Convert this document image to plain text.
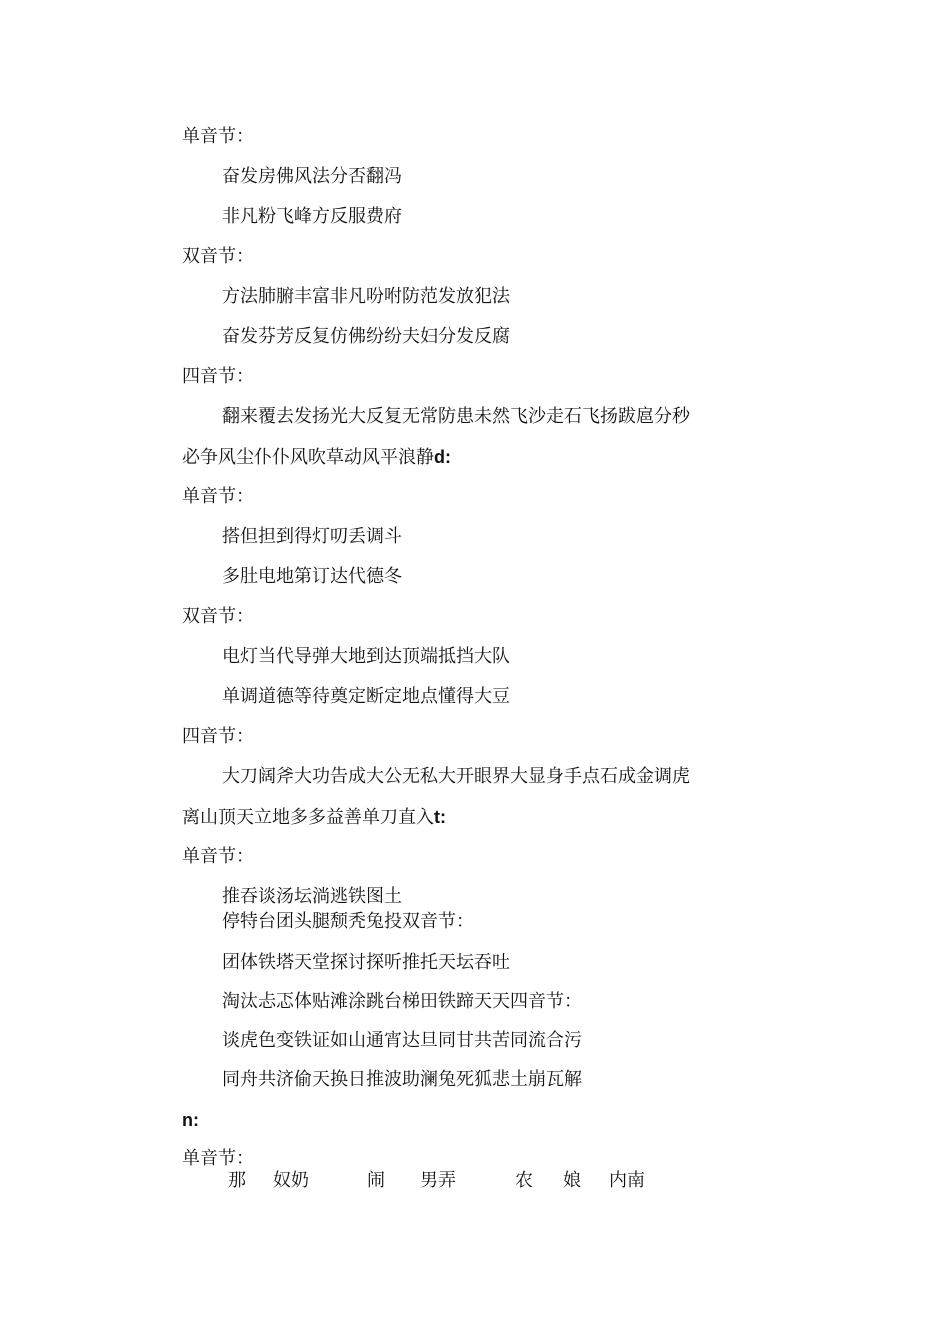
单音节：
奋发房佛风法分否翻冯
非凡粉飞峰方反服费府
双音节：
方法肺腑丰富非凡吩咐防范发放犯法
奋发芬芳反复仿佛纷纷夫妇分发反腐
四音节：
翻来覆去发扬光大反复无常防患未然飞沙走石飞扬跋扈分秒
必争风尘仆仆风吹草动风平浪静d:
单音节：
搭但担到得灯叨丢调斗
多肚电地第订达代德冬
双音节：
电灯当代导弹大地到达顶端抵挡大队
单调道德等待奠定断定地点懂得大豆
四音节：
大刀阔斧大功告成大公无私大开眼界大显身手点石成金调虎
离山顶天立地多多益善单刀直入t:
单音节：
推吞谈汤坛淌逃铁图土
停特台团头腿颓秃兔投双音节：
团体铁塔天堂探讨探听推托天坛吞吐
淘汰忐忑体贴滩涂跳台梯田铁蹄天天四音节：
谈虎色变铁证如山通宵达旦同甘共苦同流合污
同舟共济偷天换日推波助澜兔死狐悲土崩瓦解
n:
单音节：
那 奴奶	闹 男弄	农 娘 内南
